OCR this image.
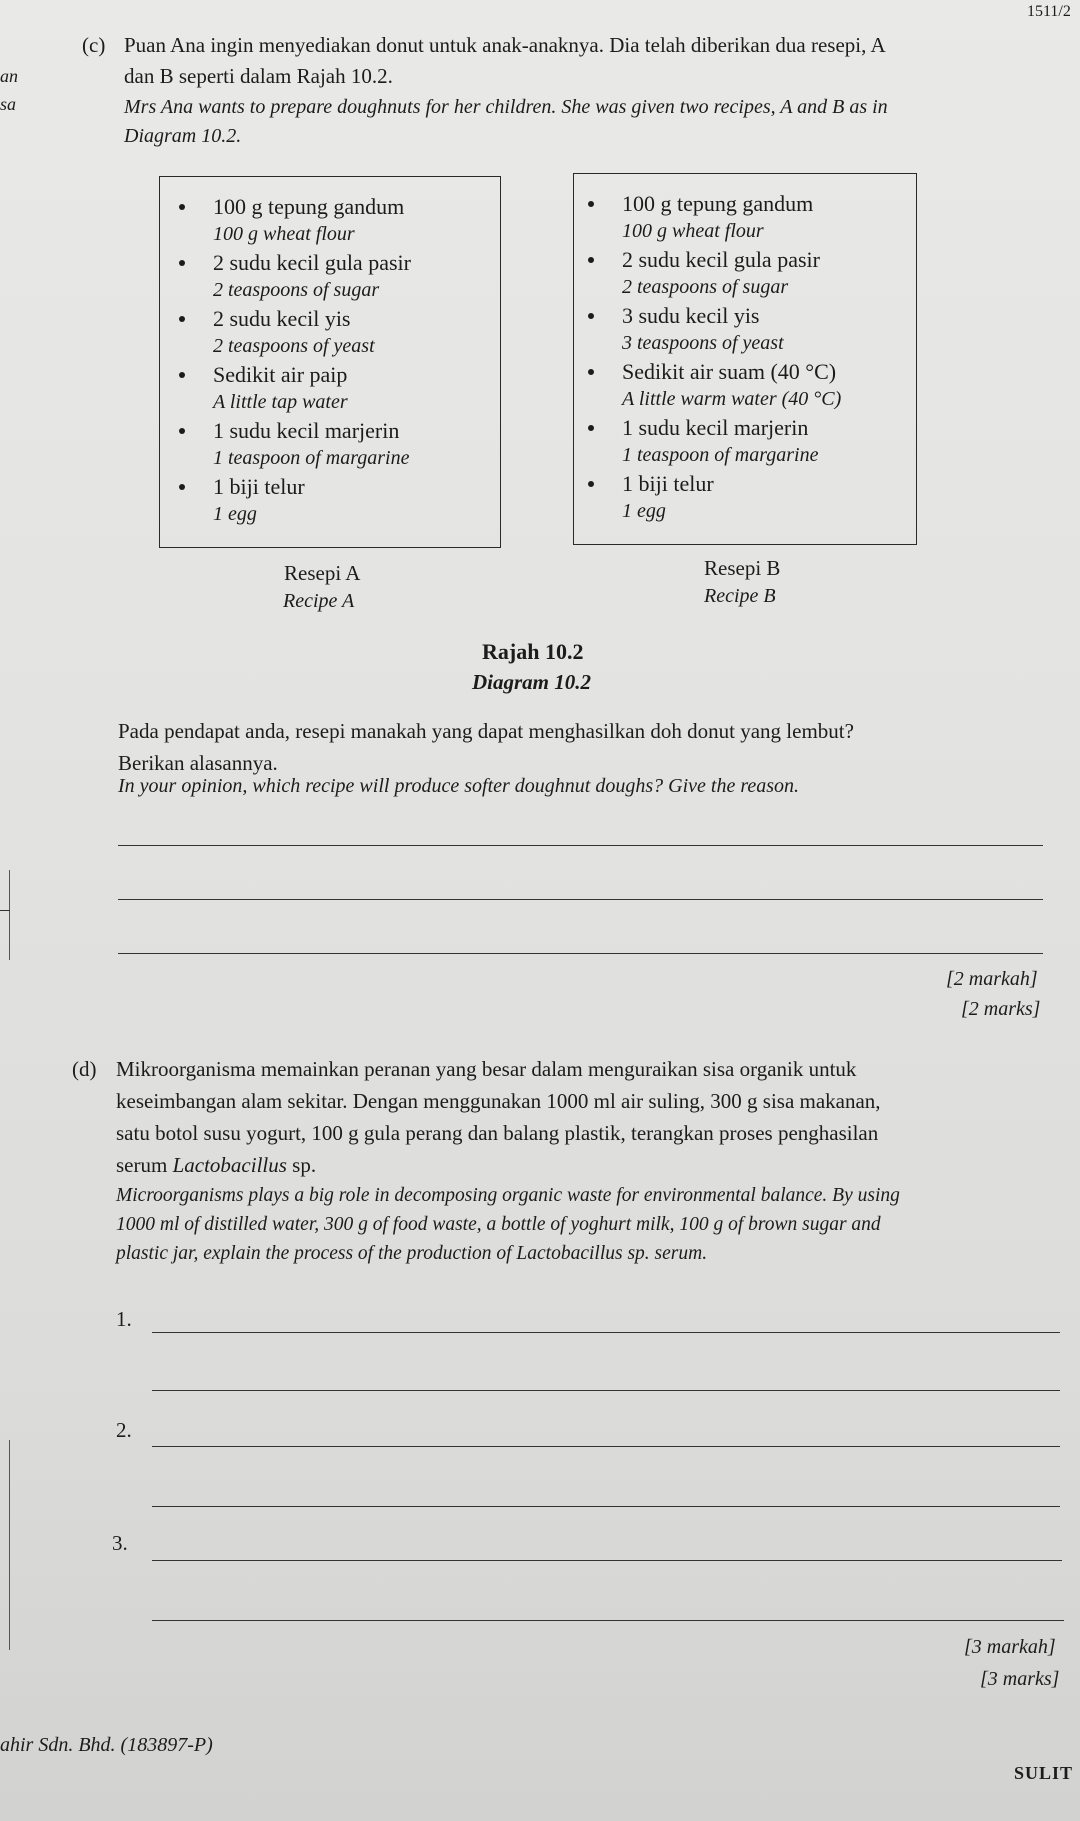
1511/2
an
sa
(c) Puan Ana ingin menyediakan donut untuk anak-anaknya. Dia telah diberikan dua resepi, A
dan B seperti dalam Rajah 10.2.
Mrs Ana wants to prepare doughnuts for her children. She was given two recipes, A and B as in
Diagram 10.2.
100 g tepung gandum
100 g wheat flour
2 sudu kecil gula pasir
2 teaspoons of sugar
2 sudu kecil yis
2 teaspoons of yeast
Sedikit air paip
A little tap water
1 sudu kecil marjerin
1 teaspoon of margarine
1 biji telur
1 egg
100 g tepung gandum
100 g wheat flour
2 sudu kecil gula pasir
2 teaspoons of sugar
3 sudu kecil yis
3 teaspoons of yeast
Sedikit air suam (40 °C)
A little warm water (40 °C)
1 sudu kecil marjerin
1 teaspoon of margarine
1 biji telur
1 egg
Resepi A
Recipe A
Resepi B
Recipe B
Rajah 10.2
Diagram 10.2
Pada pendapat anda, resepi manakah yang dapat menghasilkan doh donut yang lembut?
Berikan alasannya.
In your opinion, which recipe will produce softer doughnut doughs? Give the reason.
[2 markah]
[2 marks]
(d) Mikroorganisma memainkan peranan yang besar dalam menguraikan sisa organik untuk
keseimbangan alam sekitar. Dengan menggunakan 1000 ml air suling, 300 g sisa makanan,
satu botol susu yogurt, 100 g gula perang dan balang plastik, terangkan proses penghasilan
serum Lactobacillus sp.
Microorganisms plays a big role in decomposing organic waste for environmental balance. By using
1000 ml of distilled water, 300 g of food waste, a bottle of yoghurt milk, 100 g of brown sugar and
plastic jar, explain the process of the production of Lactobacillus sp. serum.
1.
2.
3.
[3 markah]
[3 marks]
ahir Sdn. Bhd. (183897-P)
SULIT
